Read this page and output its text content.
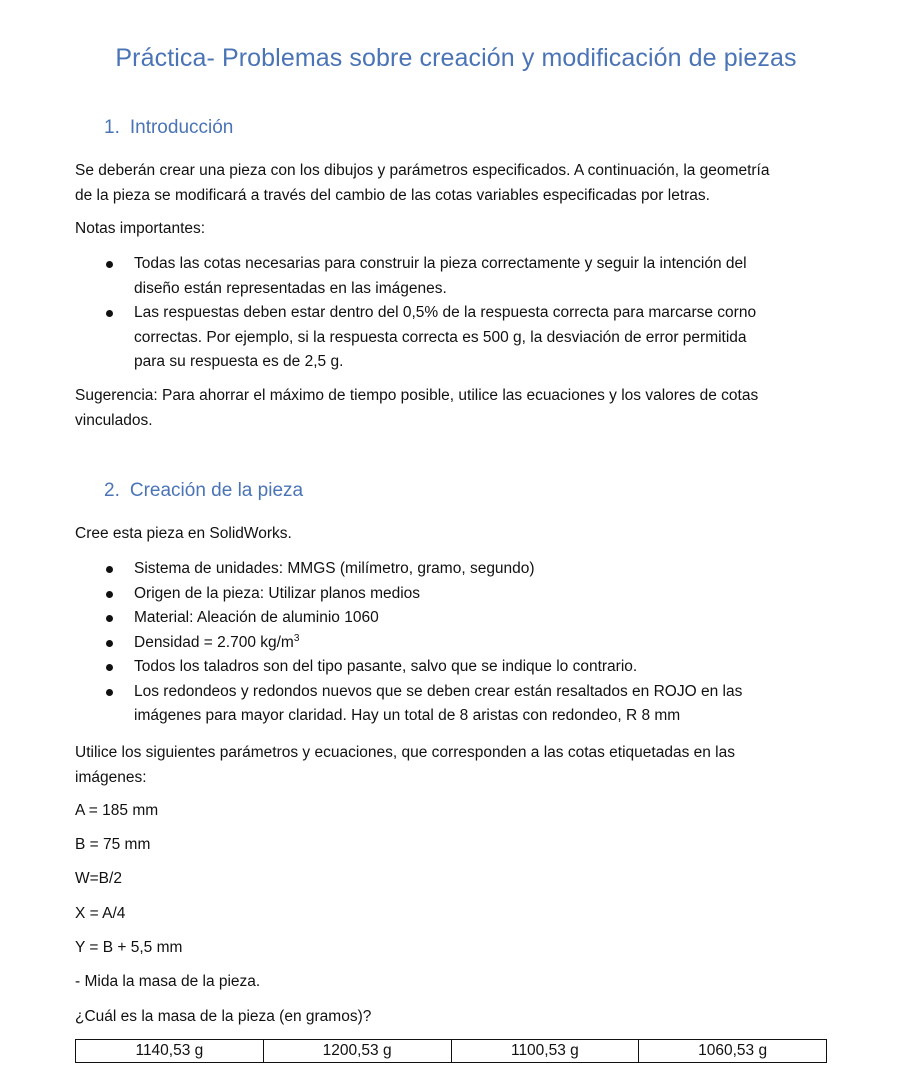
Práctica- Problemas sobre creación y modificación de piezas
1. Introducción
Se deberán crear una pieza con los dibujos y parámetros especificados. A continuación, la geometría
de la pieza se modificará a través del cambio de las cotas variables especificadas por letras.
Notas importantes:
Todas las cotas necesarias para construir la pieza correctamente y seguir la intención del
diseño están representadas en las imágenes.
Las respuestas deben estar dentro del 0,5% de la respuesta correcta para marcarse corno
correctas. Por ejemplo, si la respuesta correcta es 500 g, la desviación de error permitida
para su respuesta es de 2,5 g.
Sugerencia: Para ahorrar el máximo de tiempo posible, utilice las ecuaciones y los valores de cotas
vinculados.
2. Creación de la pieza
Cree esta pieza en SolidWorks.
Sistema de unidades: MMGS (milímetro, gramo, segundo)
Origen de la pieza: Utilizar planos medios
Material: Aleación de aluminio 1060
Densidad = 2.700 $kg/m^3$
Todos los taladros son del tipo pasante, salvo que se indique lo contrario.
Los redondeos y redondos nuevos que se deben crear están resaltados en ROJO en las
imágenes para mayor claridad. Hay un total de 8 aristas con redondeo, R 8 mm
Utilice los siguientes parámetros y ecuaciones, que corresponden a las cotas etiquetadas en las
imágenes:
A = 185 mm
B = 75 mm
W=B/2
X = A/4
Y = B + 5,5 mm
- Mida la masa de la pieza.
¿Cuál es la masa de la pieza (en gramos)?
1140,53 g	1200,53 g	1100,53 g	1060,53 g
